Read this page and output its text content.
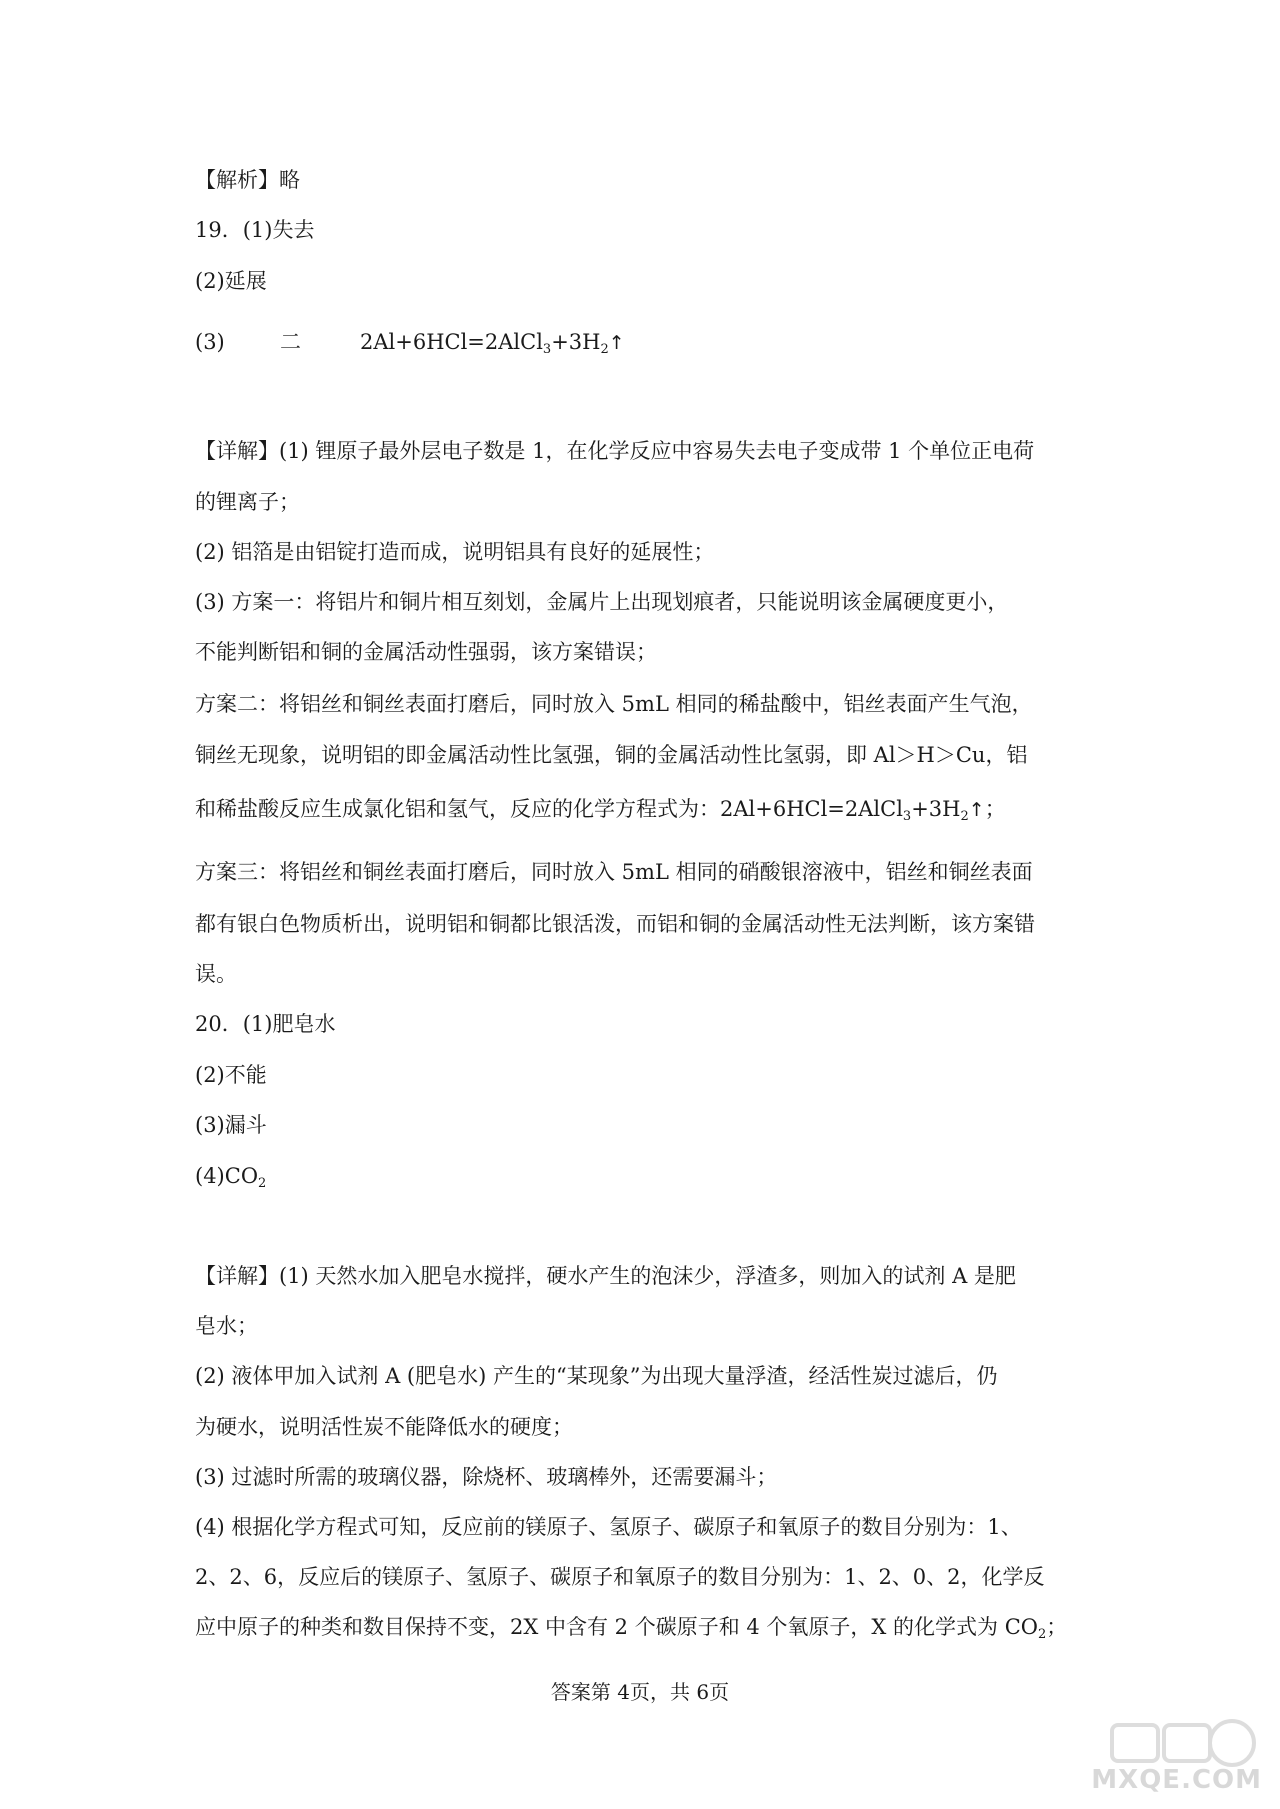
【解析】略
19．(1)失去
(2)延展
(3)	二	$2Al+6HCl=2AlCl_3+3H_2↑$
【详解】(1) 锂原子最外层电子数是 1，在化学反应中容易失去电子变成带 1 个单位正电荷
的锂离子；
(2) 铝箔是由铝锭打造而成，说明铝具有良好的延展性；
(3) 方案一：将铝片和铜片相互刻划，金属片上出现划痕者，只能说明该金属硬度更小，
不能判断铝和铜的金属活动性强弱，该方案错误；
方案二：将铝丝和铜丝表面打磨后，同时放入 5mL 相同的稀盐酸中，铝丝表面产生气泡，
铜丝无现象，说明铝的即金属活动性比氢强，铜的金属活动性比氢弱，即 Al＞H＞Cu，铝
和稀盐酸反应生成氯化铝和氢气，反应的化学方程式为：$2Al+6HCl=2AlCl_3+3H_2↑$；
方案三：将铝丝和铜丝表面打磨后，同时放入 5mL 相同的硝酸银溶液中，铝丝和铜丝表面
都有银白色物质析出，说明铝和铜都比银活泼，而铝和铜的金属活动性无法判断，该方案错
误。
20．(1)肥皂水
(2)不能
(3)漏斗
$(4)CO_2$
【详解】(1) 天然水加入肥皂水搅拌，硬水产生的泡沫少，浮渣多，则加入的试剂 A 是肥
皂水；
(2) 液体甲加入试剂 A (肥皂水) 产生的“某现象”为出现大量浮渣，经活性炭过滤后，仍
为硬水，说明活性炭不能降低水的硬度；
(3) 过滤时所需的玻璃仪器，除烧杯、玻璃棒外，还需要漏斗；
(4) 根据化学方程式可知，反应前的镁原子、氢原子、碳原子和氧原子的数目分别为：1、
2、2、6，反应后的镁原子、氢原子、碳原子和氧原子的数目分别为：1、2、0、2，化学反
应中原子的种类和数目保持不变，2X 中含有 2 个碳原子和 4 个氧原子，X 的化学式为 $CO_2$；
答案第 4页，共 6页
MXQE.COM
